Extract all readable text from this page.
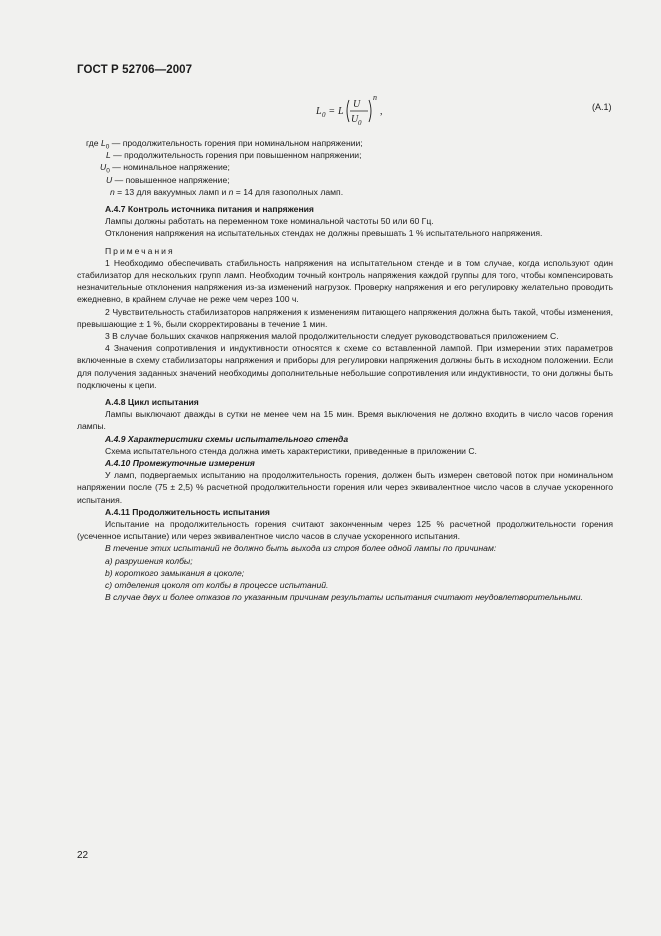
ГОСТ Р 52706—2007
L 0 = L
U
U 0
n
,	(А.1)
где $L_0$ — продолжительность горения при номинальном напряжении;
L — продолжительность горения при повышенном напряжении;
$U_0$ — номинальное напряжение;
U — повышенное напряжение;
n = 13 для вакуумных ламп и n = 14 для газополных ламп.

А.4.7 Контроль источника питания и напряжения

Лампы должны работать на переменном токе номинальной частоты 50 или 60 Гц.

Отклонения напряжения на испытательных стендах не должны превышать 1 % испытательного напряжения.

Примечания

1 Необходимо обеспечивать стабильность напряжения на испытательном стенде и в том случае, когда используют один стабилизатор для нескольких групп ламп. Необходим точный контроль напряжения каждой группы для того, чтобы компенсировать незначительные отклонения напряжения из-за изменений нагрузок. Проверку напряжения и его регулировку желательно проводить ежедневно, в крайнем случае не реже чем через 100 ч.

2 Чувствительность стабилизаторов напряжения к изменениям питающего напряжения должна быть такой, чтобы изменения, превышающие ± 1 %, были скорректированы в течение 1 мин.

3 В случае больших скачков напряжения малой продолжительности следует руководствоваться приложением С.

4 Значения сопротивления и индуктивности относятся к схеме со вставленной лампой. При измерении этих параметров включенные в схему стабилизаторы напряжения и приборы для регулировки напряжения должны быть в исходном положении. Если для получения заданных значений необходимы дополнительные небольшие сопротивления или индуктивности, то они должны быть подключены к цепи.

А.4.8 Цикл испытания

Лампы выключают дважды в сутки не менее чем на 15 мин. Время выключения не должно входить в число часов горения лампы.

А.4.9 Характеристики схемы испытательного стенда

Схема испытательного стенда должна иметь характеристики, приведенные в приложении С.

А.4.10 Промежуточные измерения

У ламп, подвергаемых испытанию на продолжительность горения, должен быть измерен световой поток при номинальном напряжении после (75 ± 2,5) % расчетной продолжительности горения или через эквивалентное число часов в случае ускоренного испытания.

А.4.11 Продолжительность испытания

Испытание на продолжительность горения считают законченным через 125 % расчетной продолжительности горения (усеченное испытание) или через эквивалентное число часов в случае ускоренного испытания.

В течение этих испытаний не должно быть выхода из строя более одной лампы по причинам:

а) разрушения колбы;

b) короткого замыкания в цоколе;

с) отделения цоколя от колбы в процессе испытаний.

В случае двух и более отказов по указанным причинам результаты испытания считают неудовлетворительными.

22
